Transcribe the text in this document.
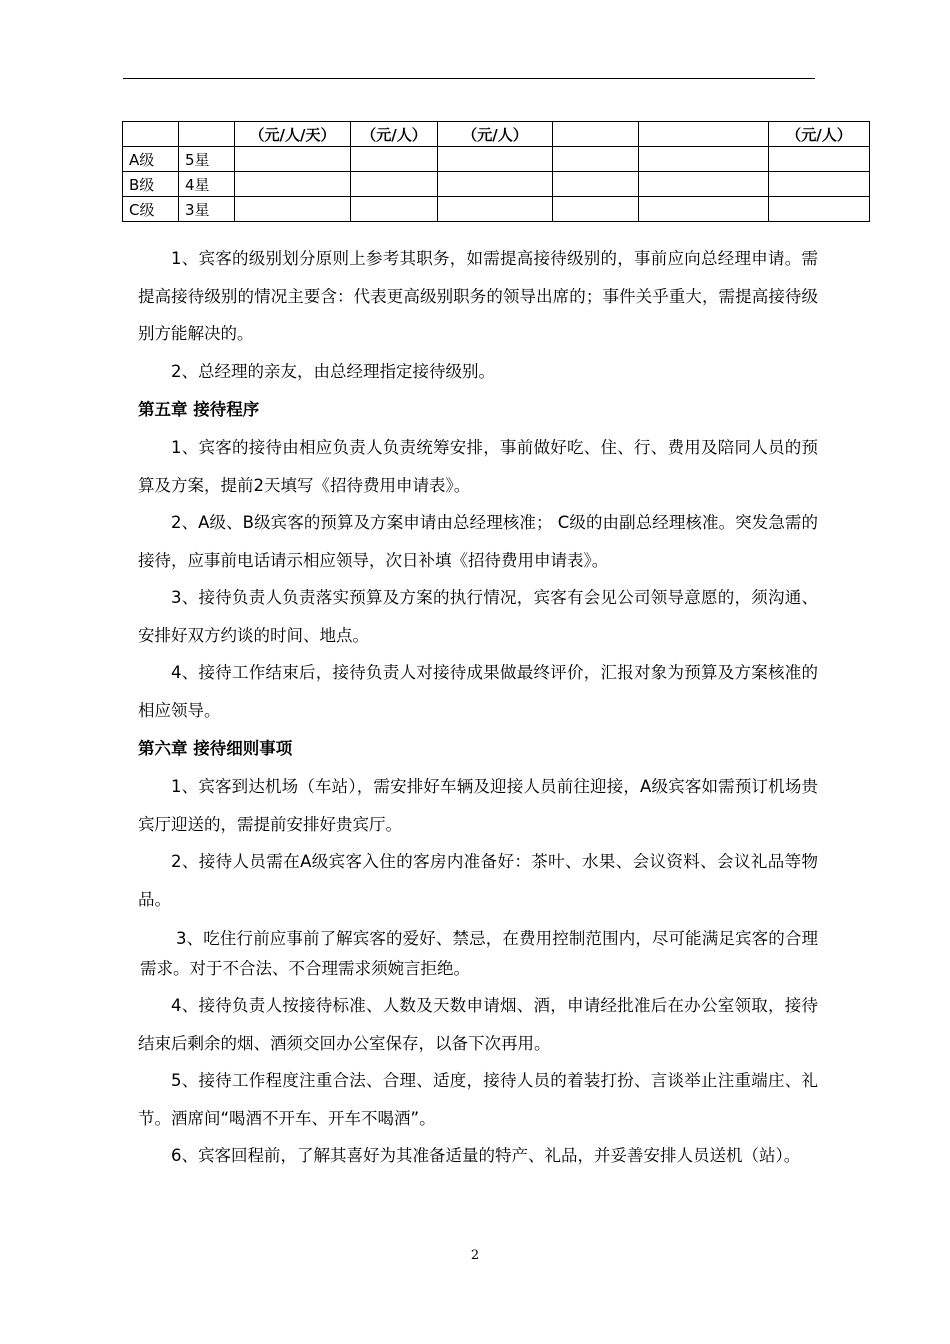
		（元/人/天）	（元/人）	（元/人）			（元/人）
A级	5星						
B级	4星						
C级	3星						

1、宾客的级别划分原则上参考其职务，如需提高接待级别的，事前应向总经理申请。需提高接待级别的情况主要含：代表更高级别职务的领导出席的；事件关乎重大，需提高接待级别方能解决的。

2、总经理的亲友，由总经理指定接待级别。

第五章 接待程序

1、宾客的接待由相应负责人负责统筹安排，事前做好吃、住、行、费用及陪同人员的预算及方案，提前2天填写《招待费用申请表》。

2、A级、B级宾客的预算及方案申请由总经理核准； C级的由副总经理核准。突发急需的接待，应事前电话请示相应领导，次日补填《招待费用申请表》。

3、接待负责人负责落实预算及方案的执行情况，宾客有会见公司领导意愿的，须沟通、安排好双方约谈的时间、地点。

4、接待工作结束后，接待负责人对接待成果做最终评价，汇报对象为预算及方案核准的相应领导。

第六章 接待细则事项

1、宾客到达机场（车站），需安排好车辆及迎接人员前往迎接，A级宾客如需预订机场贵宾厅迎送的，需提前安排好贵宾厅。

2、接待人员需在A级宾客入住的客房内准备好：茶叶、水果、会议资料、会议礼品等物品。

3、吃住行前应事前了解宾客的爱好、禁忌，在费用控制范围内，尽可能满足宾客的合理需求。对于不合法、不合理需求须婉言拒绝。

4、接待负责人按接待标准、人数及天数申请烟、酒，申请经批准后在办公室领取，接待结束后剩余的烟、酒须交回办公室保存，以备下次再用。

5、接待工作程度注重合法、合理、适度，接待人员的着装打扮、言谈举止注重端庄、礼节。酒席间“喝酒不开车、开车不喝酒”。

6、宾客回程前，了解其喜好为其准备适量的特产、礼品，并妥善安排人员送机（站）。

2
